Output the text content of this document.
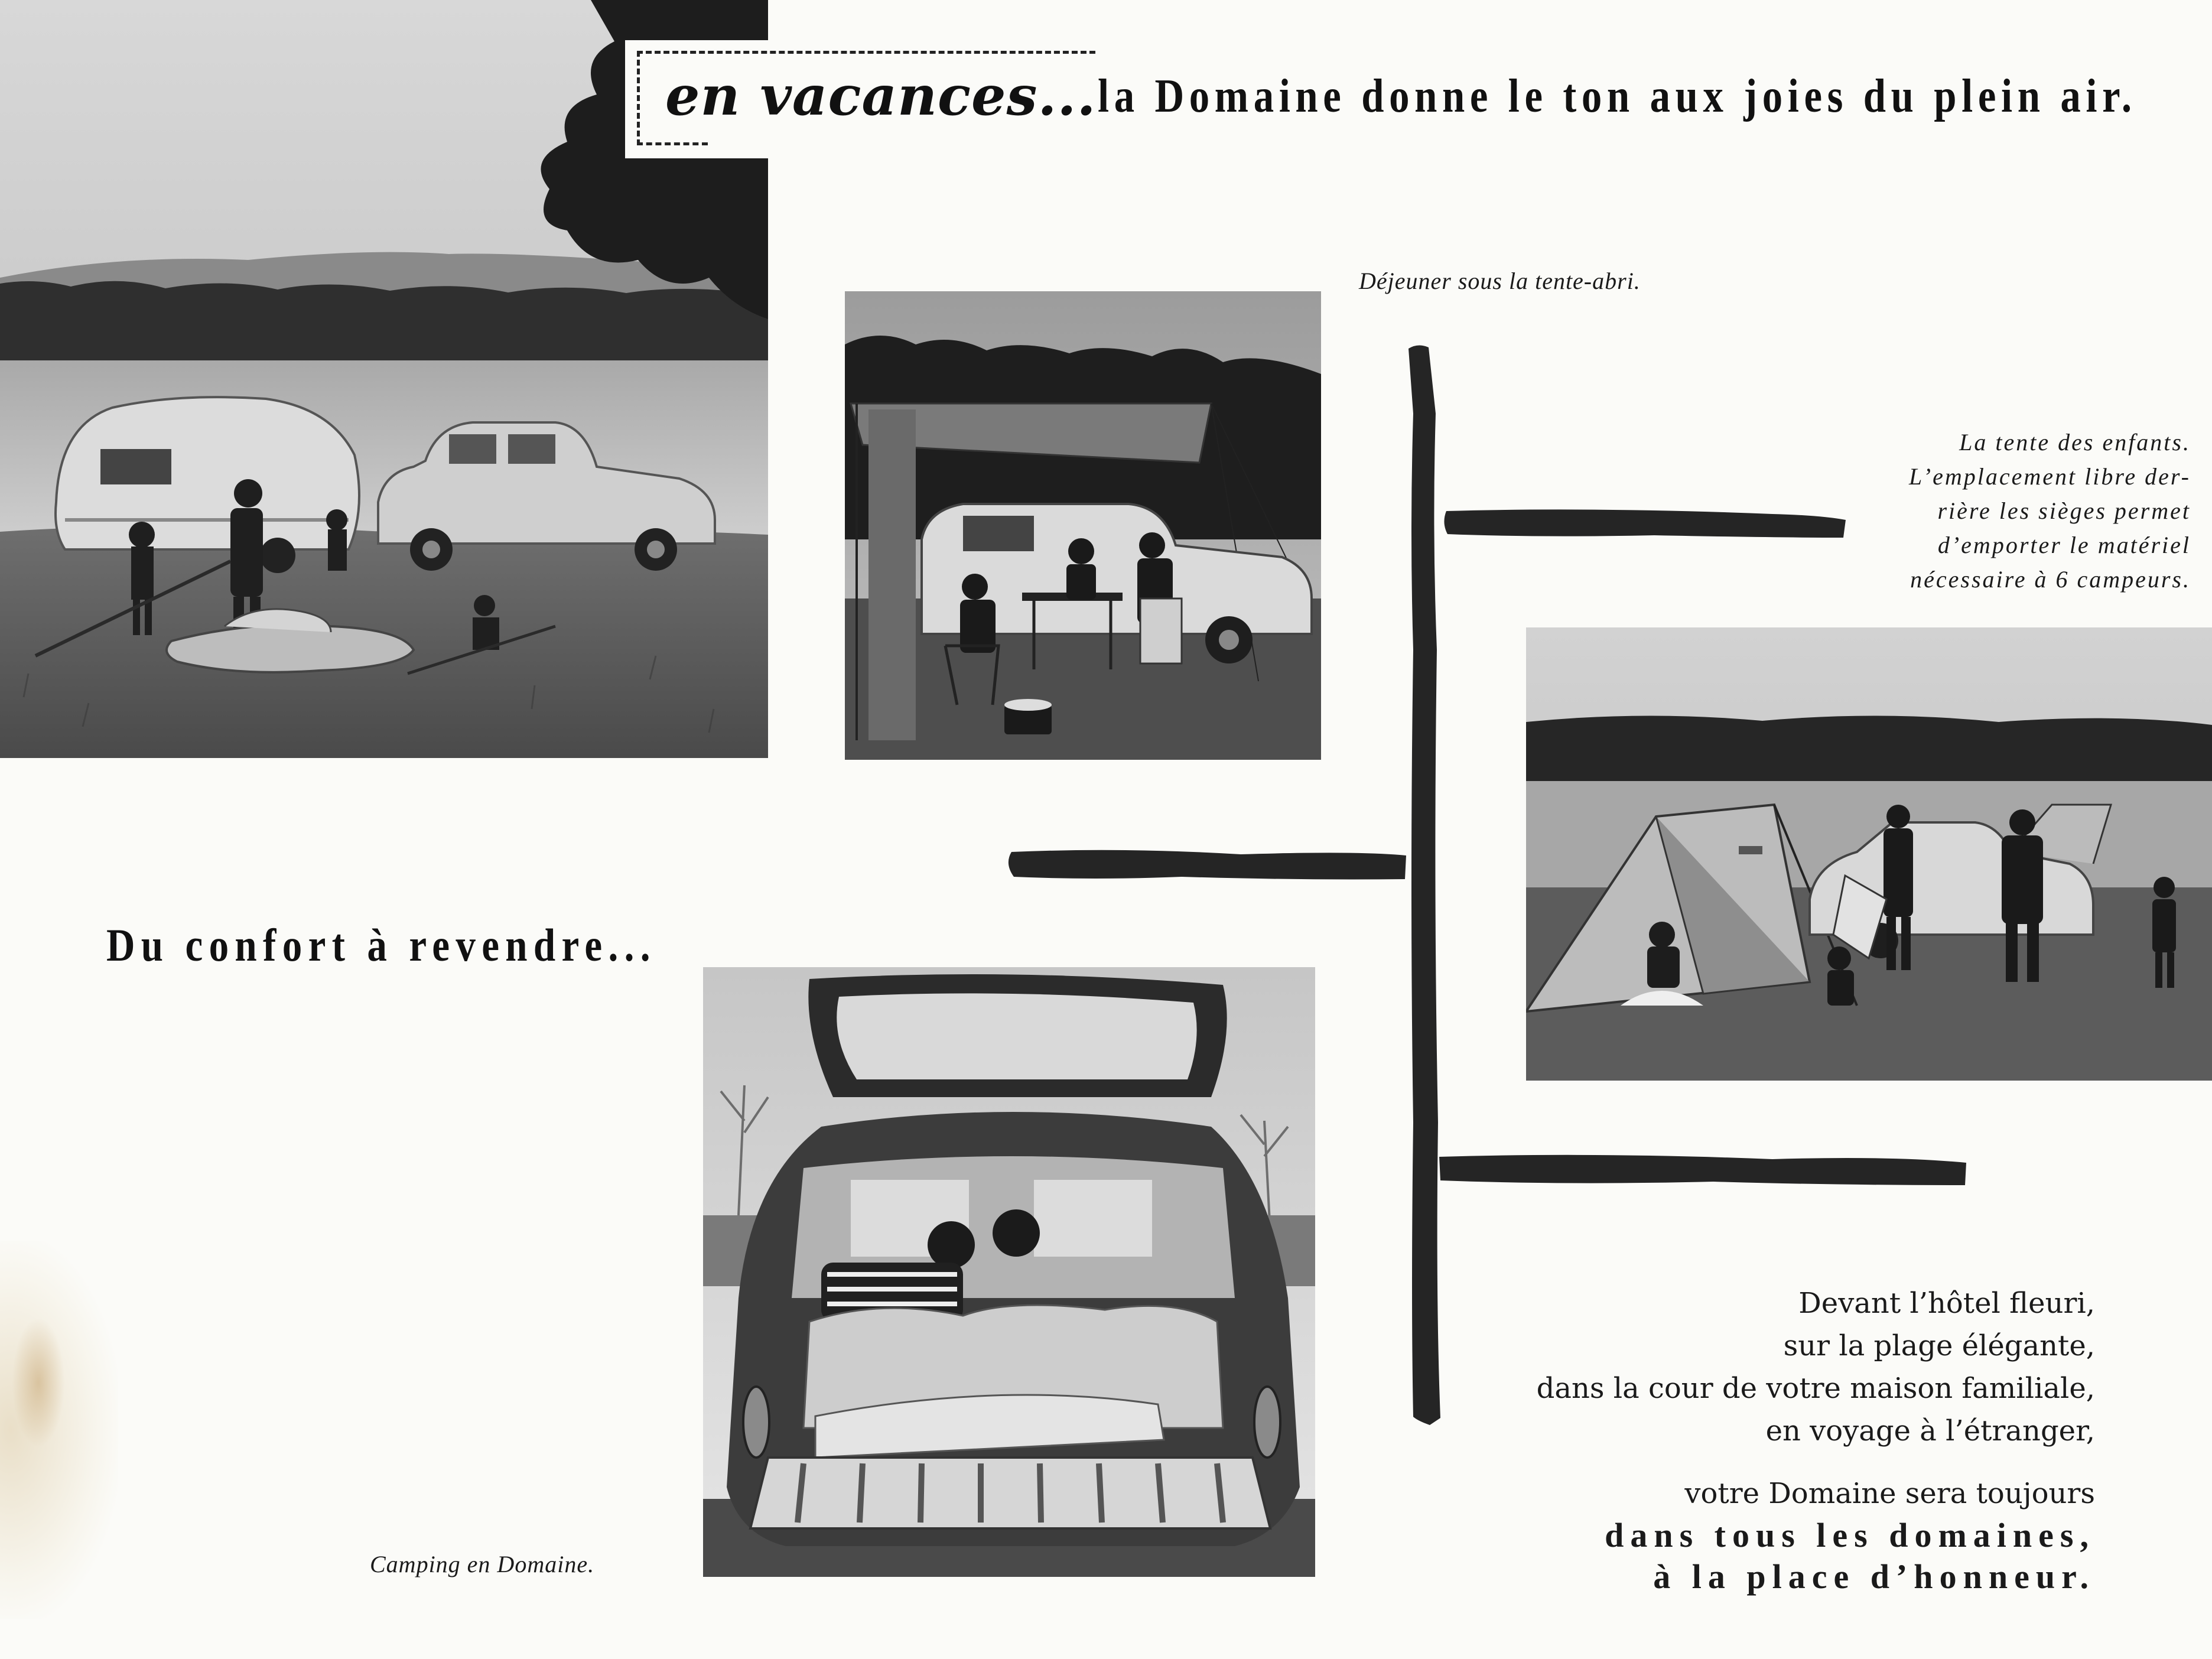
en vacances... la Domaine donne le ton aux joies du plein air.
Déjeuner sous la tente-abri.
La tente des enfants.
L’emplacement libre der-
rière les sièges permet
d’emporter le matériel
nécessaire à 6 campeurs.
Camping en Domaine.
Du confort à revendre...
Devant l’hôtel fleuri,
sur la plage élégante,
dans la cour de votre maison familiale,
en voyage à l’étranger,
votre Domaine sera toujours
dans tous les domaines,
à la place d’honneur.
